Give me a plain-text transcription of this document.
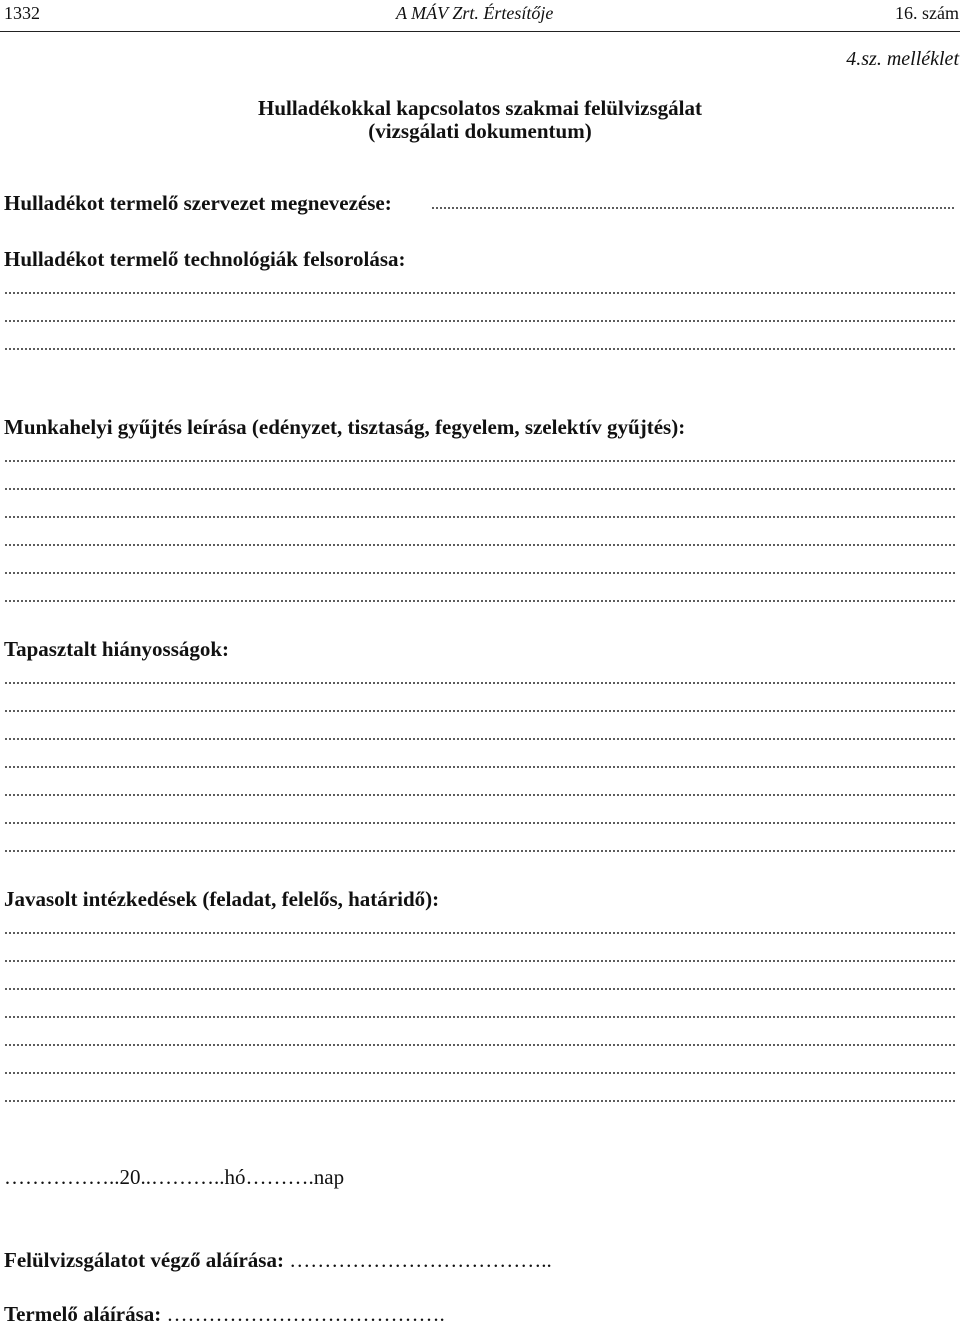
1332	A MÁV Zrt. Értesítője	16. szám
4.sz. melléklet
Hulladékokkal kapcsolatos szakmai felülvizsgálat
(vizsgálati dokumentum)
Hulladékot termelő szervezet megnevezése:
Hulladékot termelő technológiák felsorolása:
Munkahelyi gyűjtés leírása (edényzet, tisztaság, fegyelem, szelektív gyűjtés):
Tapasztalt hiányosságok:
Javasolt intézkedések (feladat, felelős, határidő):
……………..20..………..hó……….nap
Felülvizsgálatot végző aláírása: ………………………………..
Termelő aláírása: ………………………………….
